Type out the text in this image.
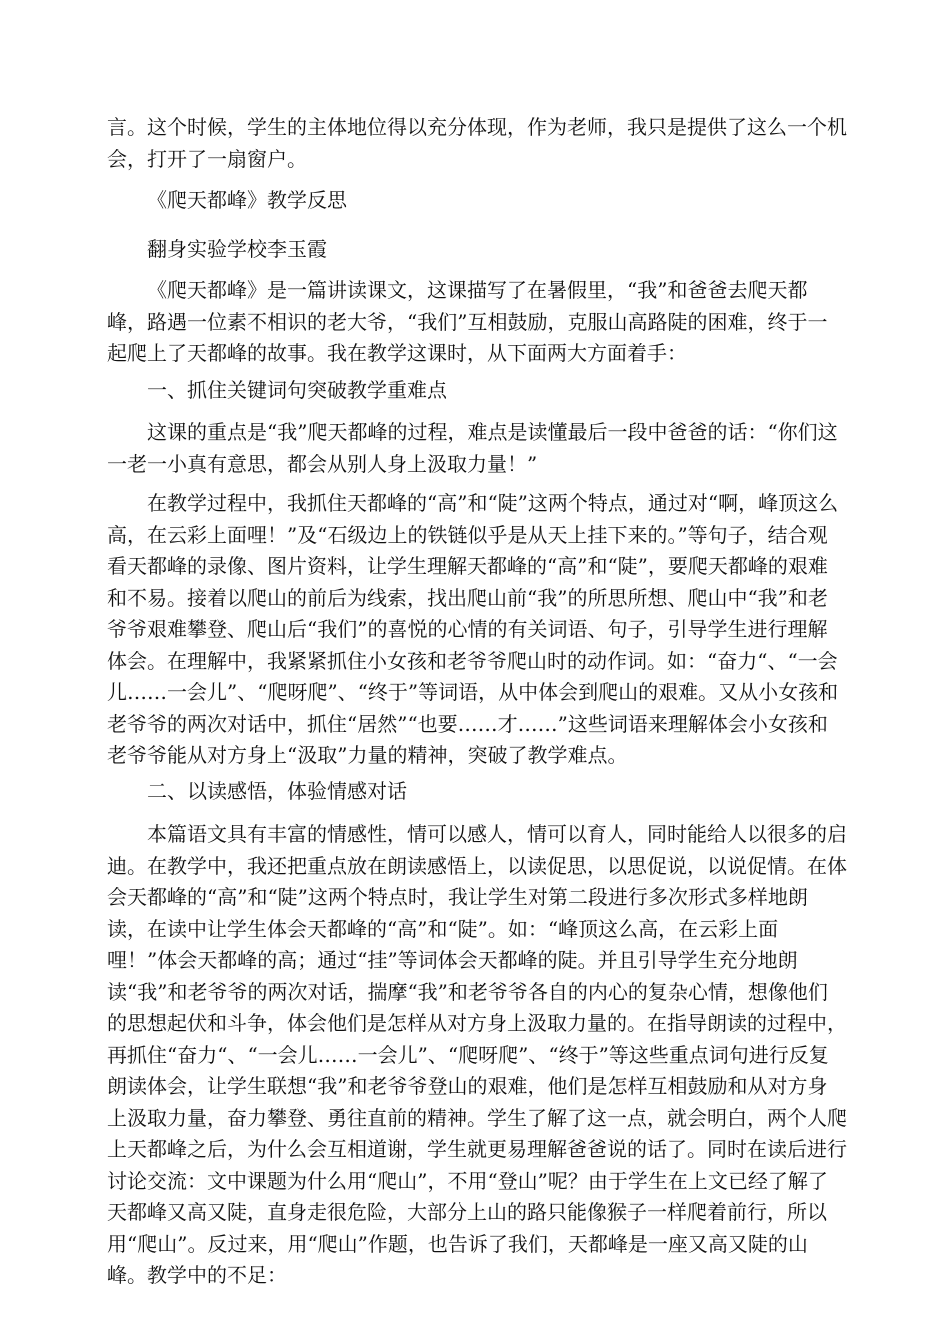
言。这个时候，学生的主体地位得以充分体现，作为老师，我只是提供了这么一个机会，打开了一扇窗户。

《爬天都峰》教学反思

翻身实验学校李玉霞

《爬天都峰》是一篇讲读课文，这课描写了在暑假里，“我”和爸爸去爬天都峰，路遇一位素不相识的老大爷，“我们”互相鼓励，克服山高路陡的困难，终于一起爬上了天都峰的故事。我在教学这课时，从下面两大方面着手：

一、抓住关键词句突破教学重难点

这课的重点是“我”爬天都峰的过程，难点是读懂最后一段中爸爸的话：“你们这一老一小真有意思，都会从别人身上汲取力量！”

在教学过程中，我抓住天都峰的“高”和“陡”这两个特点，通过对“啊，峰顶这么高，在云彩上面哩！”及“石级边上的铁链似乎是从天上挂下来的。”等句子，结合观看天都峰的录像、图片资料，让学生理解天都峰的“高”和“陡”，要爬天都峰的艰难和不易。接着以爬山的前后为线索，找出爬山前“我”的所思所想、爬山中“我”和老爷爷艰难攀登、爬山后“我们”的喜悦的心情的有关词语、句子，引导学生进行理解体会。在理解中，我紧紧抓住小女孩和老爷爷爬山时的动作词。如：“奋力“、“一会儿……一会儿”、“爬呀爬”、“终于”等词语，从中体会到爬山的艰难。又从小女孩和老爷爷的两次对话中，抓住“居然”“也要……才……”这些词语来理解体会小女孩和老爷爷能从对方身上“汲取”力量的精神，突破了教学难点。

二、以读感悟，体验情感对话

本篇语文具有丰富的情感性，情可以感人，情可以育人，同时能给人以很多的启迪。在教学中，我还把重点放在朗读感悟上，以读促思，以思促说，以说促情。在体会天都峰的“高”和“陡”这两个特点时，我让学生对第二段进行多次形式多样地朗读，在读中让学生体会天都峰的“高”和“陡”。如：“峰顶这么高，在云彩上面哩！”体会天都峰的高；通过“挂”等词体会天都峰的陡。并且引导学生充分地朗读“我”和老爷爷的两次对话，揣摩“我”和老爷爷各自的内心的复杂心情，想像他们的思想起伏和斗争，体会他们是怎样从对方身上汲取力量的。在指导朗读的过程中，再抓住“奋力“、“一会儿……一会儿”、“爬呀爬”、“终于”等这些重点词句进行反复朗读体会，让学生联想“我”和老爷爷登山的艰难，他们是怎样互相鼓励和从对方身上汲取力量，奋力攀登、勇往直前的精神。学生了解了这一点，就会明白，两个人爬上天都峰之后，为什么会互相道谢，学生就更易理解爸爸说的话了。同时在读后进行讨论交流：文中课题为什么用“爬山”，不用“登山”呢？由于学生在上文已经了解了天都峰又高又陡，直身走很危险，大部分上山的路只能像猴子一样爬着前行，所以用“爬山”。反过来，用“爬山”作题，也告诉了我们，天都峰是一座又高又陡的山峰。教学中的不足：
